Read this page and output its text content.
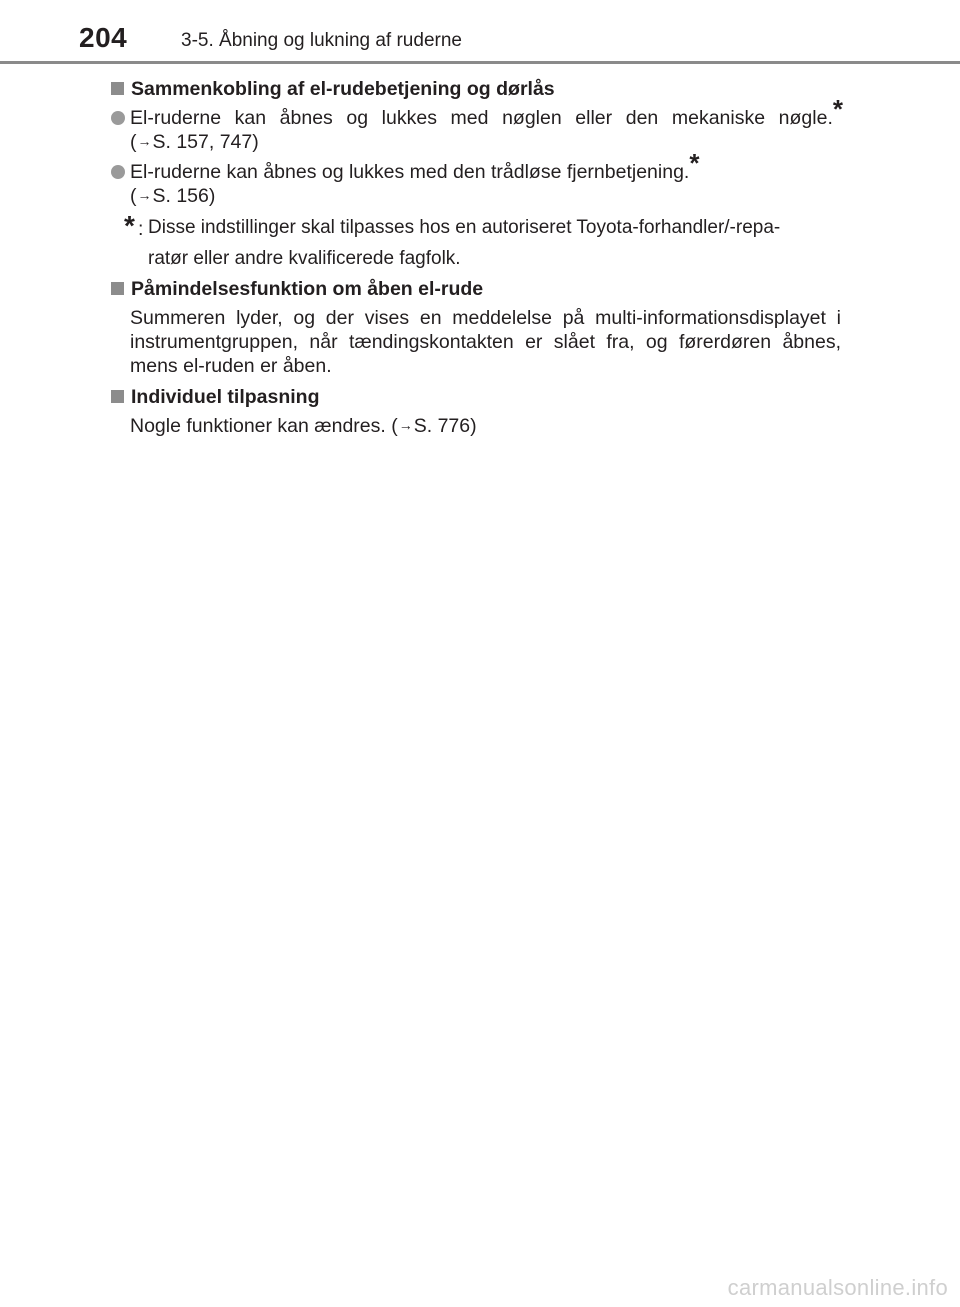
204	3-5. Åbning og lukning af ruderne
Sammenkobling af el-rudebetjening og dørlås
El-ruderne kan åbnes og lukkes med nøglen eller den mekaniske nøgle.*
(→S. 157, 747)
El-ruderne kan åbnes og lukkes med den trådløse fjernbetjening.*
(→S. 156)
* : Disse indstillinger skal tilpasses hos en autoriseret Toyota-forhandler/-repa-
ratør eller andre kvalificerede fagfolk.
Påmindelsesfunktion om åben el-rude
Summeren lyder, og der vises en meddelelse på multi-informationsdisplayet i
instrumentgruppen, når tændingskontakten er slået fra, og førerdøren åbnes,
mens el-ruden er åben.
Individuel tilpasning
Nogle funktioner kan ændres. (→S. 776)
carmanualsonline.info
